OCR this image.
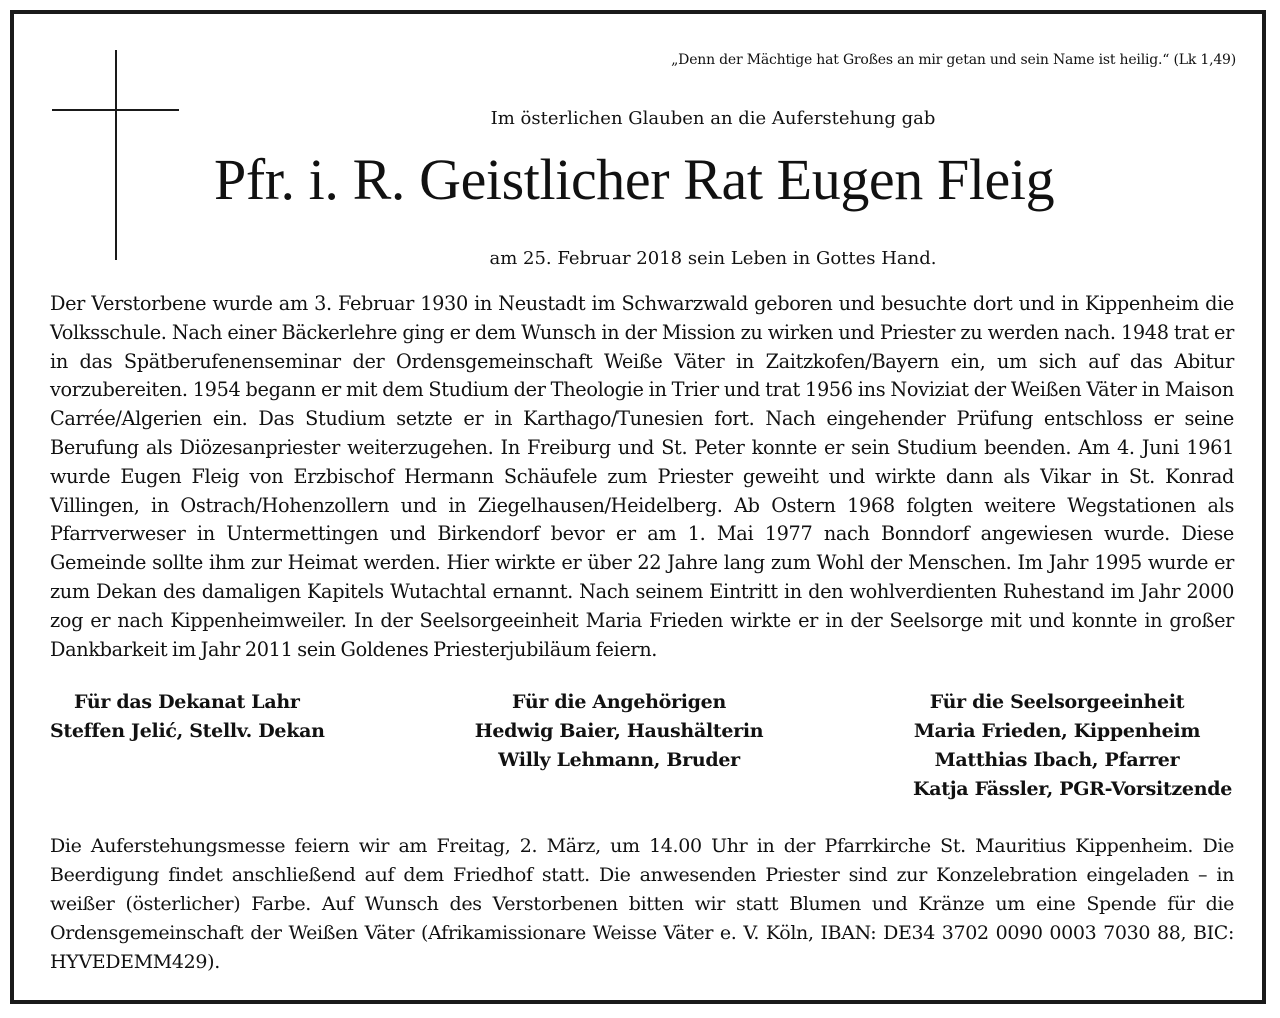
„Denn der Mächtige hat Großes an mir getan und sein Name ist heilig.“ (Lk 1,49)
Im österlichen Glauben an die Auferstehung gab
Pfr. i. R. Geistlicher Rat Eugen Fleig
am 25. Februar 2018 sein Leben in Gottes Hand.

Der Verstorbene wurde am 3. Februar 1930 in Neustadt im Schwarzwald geboren und besuchte dort und in Kippenheim die Volksschule. Nach einer Bäckerlehre ging er dem Wunsch in der Mission zu wirken und Priester zu werden nach. 1948 trat er in das Spätberufenenseminar der Ordensgemeinschaft Weiße Väter in Zaitzkofen/Bayern ein, um sich auf das Abitur vorzubereiten. 1954 begann er mit dem Studium der Theologie in Trier und trat 1956 ins Noviziat der Weißen Väter in Maison Carrée/Algerien ein. Das Studium setzte er in Karthago/Tunesien fort. Nach eingehender Prüfung entschloss er seine Berufung als Diözesanpriester weiterzugehen. In Freiburg und St. Peter konnte er sein Studium beenden. Am 4. Juni 1961 wurde Eugen Fleig von Erzbischof Hermann Schäufele zum Priester geweiht und wirkte dann als Vikar in St. Konrad Villingen, in Ostrach/Hohenzollern und in Ziegelhausen/Heidelberg. Ab Ostern 1968 folgten weitere Wegstationen als Pfarrverweser in Untermettingen und Birkendorf bevor er am 1. Mai 1977 nach Bonndorf angewiesen wurde. Diese Gemeinde sollte ihm zur Heimat werden. Hier wirkte er über 22 Jahre lang zum Wohl der Menschen. Im Jahr 1995 wurde er zum Dekan des damaligen Kapitels Wutachtal ernannt. Nach seinem Eintritt in den wohlverdienten Ruhestand im Jahr 2000 zog er nach Kippenheimweiler. In der Seelsorgeeinheit Maria Frieden wirkte er in der Seelsorge mit und konnte in großer Dankbarkeit im Jahr 2011 sein Goldenes Priesterjubiläum feiern.

Für das Dekanat Lahr
Steffen Jelić, Stellv. Dekan
Für die Angehörigen
Hedwig Baier, Haushälterin
Willy Lehmann, Bruder
Für die Seelsorgeeinheit
Maria Frieden, Kippenheim
Matthias Ibach, Pfarrer
Katja Fässler, PGR-Vorsitzende

Die Auferstehungsmesse feiern wir am Freitag, 2. März, um 14.00 Uhr in der Pfarrkirche St. Mauritius Kippenheim. Die Beerdigung findet anschließend auf dem Friedhof statt. Die anwesenden Priester sind zur Konzelebration eingeladen – in weißer (österlicher) Farbe. Auf Wunsch des Verstorbenen bitten wir statt Blumen und Kränze um eine Spende für die Ordensgemeinschaft der Weißen Väter (Afrikamissionare Weisse Väter e. V. Köln, IBAN: DE34 3702 0090 0003 7030 88, BIC: HYVEDEMM429).
